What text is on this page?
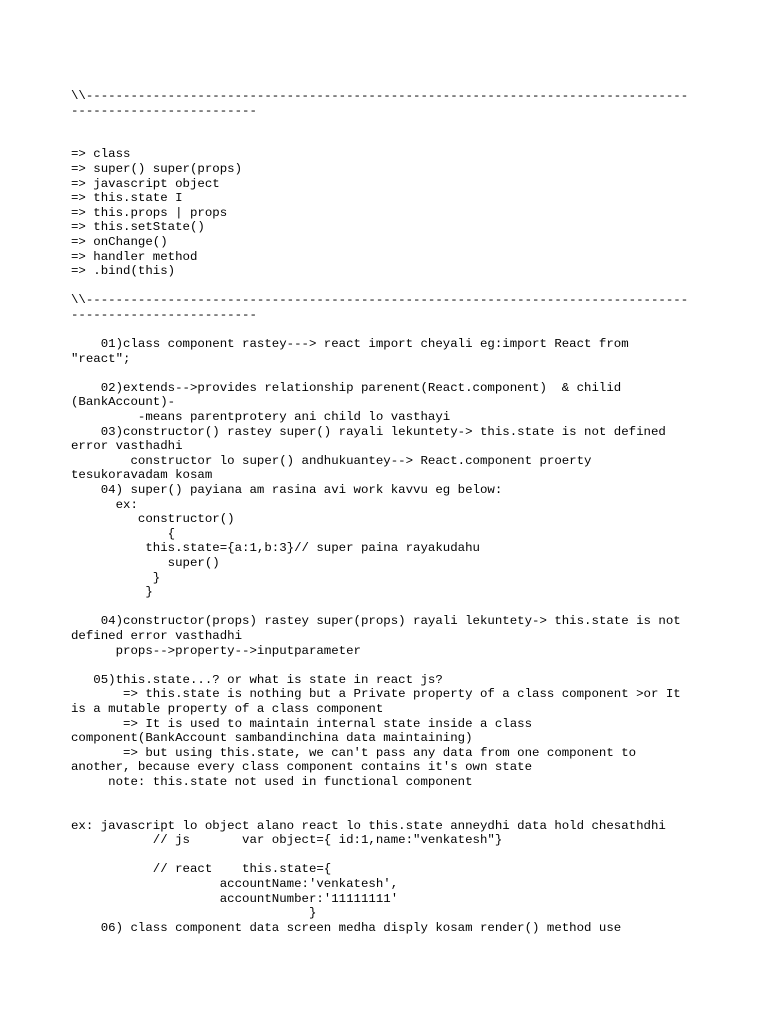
\\---------------------------------------------------------------------------------
-------------------------
=> class
=> super() super(props)
=> javascript object
=> this.state I
=> this.props | props
=> this.setState()
=> onChange()
=> handler method
=> .bind(this)
\\---------------------------------------------------------------------------------
-------------------------
01)class component rastey---> react import cheyali eg:import React from
"react";
02)extends-->provides relationship parenent(React.component)  & chilid
(BankAccount)-
-means parentprotery ani child lo vasthayi
03)constructor() rastey super() rayali lekuntety-> this.state is not defined
error vasthadhi
constructor lo super() andhukuantey--> React.component proerty
tesukoravadam kosam
04) super() payiana am rasina avi work kavvu eg below:
ex:
constructor()
{
this.state={a:1,b:3}// super paina rayakudahu
super()
}
}
04)constructor(props) rastey super(props) rayali lekuntety-> this.state is not
defined error vasthadhi
props-->property-->inputparameter
05)this.state...? or what is state in react js?
=> this.state is nothing but a Private property of a class component >or It
is a mutable property of a class component
=> It is used to maintain internal state inside a class
component(BankAccount sambandinchina data maintaining)
=> but using this.state, we can't pass any data from one component to
another, because every class component contains it's own state
note: this.state not used in functional component
ex: javascript lo object alano react lo this.state anneydhi data hold chesathdhi
// js       var object={ id:1,name:"venkatesh"}
// react    this.state={
accountName:'venkatesh',
accountNumber:'11111111'
}
06) class component data screen medha disply kosam render() method use
